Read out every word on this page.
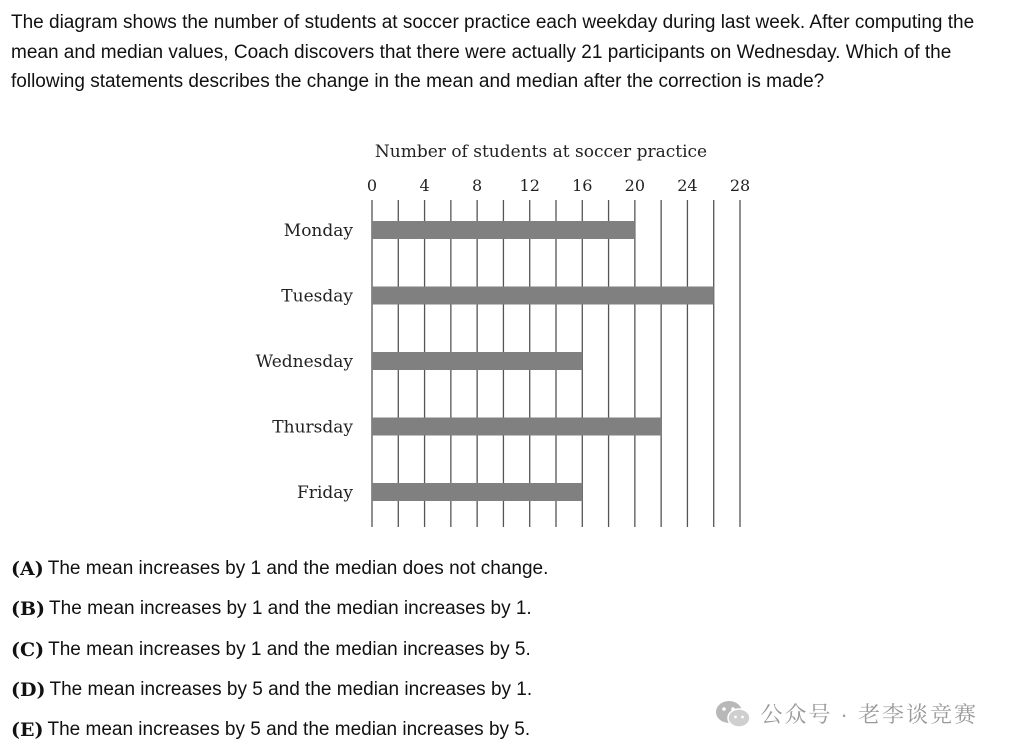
The diagram shows the number of students at soccer practice each weekday during last week. After computing the mean and median values, Coach discovers that there were actually 21 participants on Wednesday. Which of the following statements describes the change in the mean and median after the correction is made?
Number of students at soccer practice
0	4	8 12 16 20 24 28
Monday
Tuesday
Wednesday
Thursday
Friday
(A) The mean increases by 1 and the median does not change.
(B) The mean increases by 1 and the median increases by 1.
(C) The mean increases by 1 and the median increases by 5.
(D) The mean increases by 5 and the median increases by 1.
(E) The mean increases by 5 and the median increases by 5.
公众号 · 老李谈竞赛
